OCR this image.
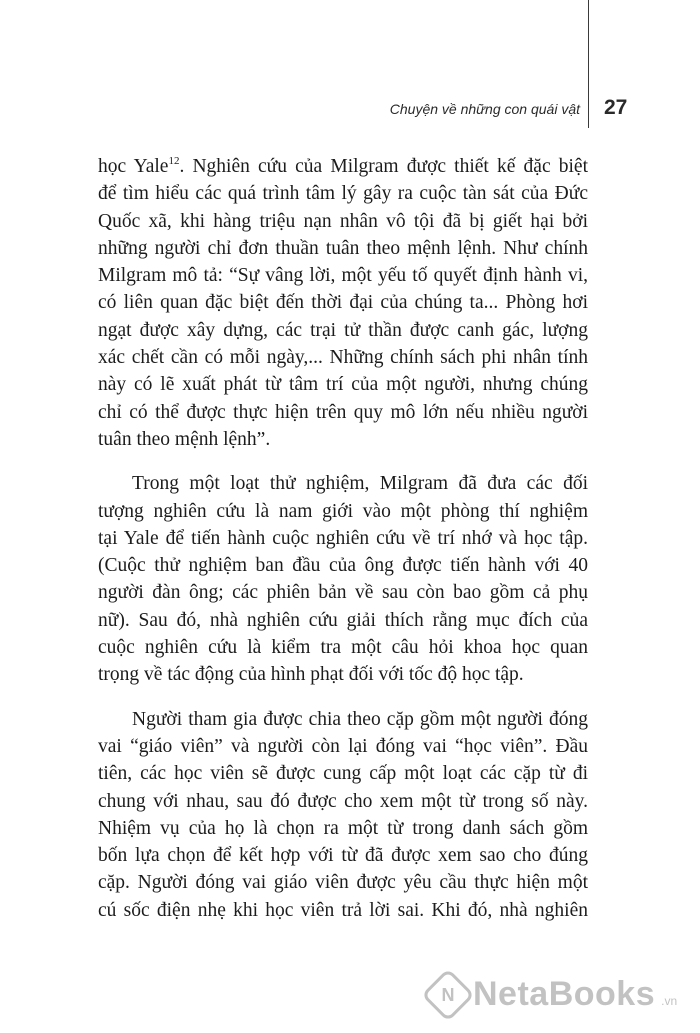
Chuyện về những con quái vật 27

học Yale$^{12}$. Nghiên cứu của Milgram được thiết kế đặc biệt
để tìm hiểu các quá trình tâm lý gây ra cuộc tàn sát của Đức
Quốc xã, khi hàng triệu nạn nhân vô tội đã bị giết hại bởi
những người chỉ đơn thuần tuân theo mệnh lệnh. Như chính
Milgram mô tả: “Sự vâng lời, một yếu tố quyết định hành vi,
có liên quan đặc biệt đến thời đại của chúng ta... Phòng hơi
ngạt được xây dựng, các trại tử thần được canh gác, lượng
xác chết cần có mỗi ngày,... Những chính sách phi nhân tính
này có lẽ xuất phát từ tâm trí của một người, nhưng chúng
chỉ có thể được thực hiện trên quy mô lớn nếu nhiều người
tuân theo mệnh lệnh”.

Trong một loạt thử nghiệm, Milgram đã đưa các đối
tượng nghiên cứu là nam giới vào một phòng thí nghiệm
tại Yale để tiến hành cuộc nghiên cứu về trí nhớ và học tập.
(Cuộc thử nghiệm ban đầu của ông được tiến hành với 40
người đàn ông; các phiên bản về sau còn bao gồm cả phụ
nữ). Sau đó, nhà nghiên cứu giải thích rằng mục đích của
cuộc nghiên cứu là kiểm tra một câu hỏi khoa học quan
trọng về tác động của hình phạt đối với tốc độ học tập.

Người tham gia được chia theo cặp gồm một người đóng
vai “giáo viên” và người còn lại đóng vai “học viên”. Đầu
tiên, các học viên sẽ được cung cấp một loạt các cặp từ đi
chung với nhau, sau đó được cho xem một từ trong số này.
Nhiệm vụ của họ là chọn ra một từ trong danh sách gồm
bốn lựa chọn để kết hợp với từ đã được xem sao cho đúng
cặp. Người đóng vai giáo viên được yêu cầu thực hiện một
cú sốc điện nhẹ khi học viên trả lời sai. Khi đó, nhà nghiên

N NetaBooks .vn
